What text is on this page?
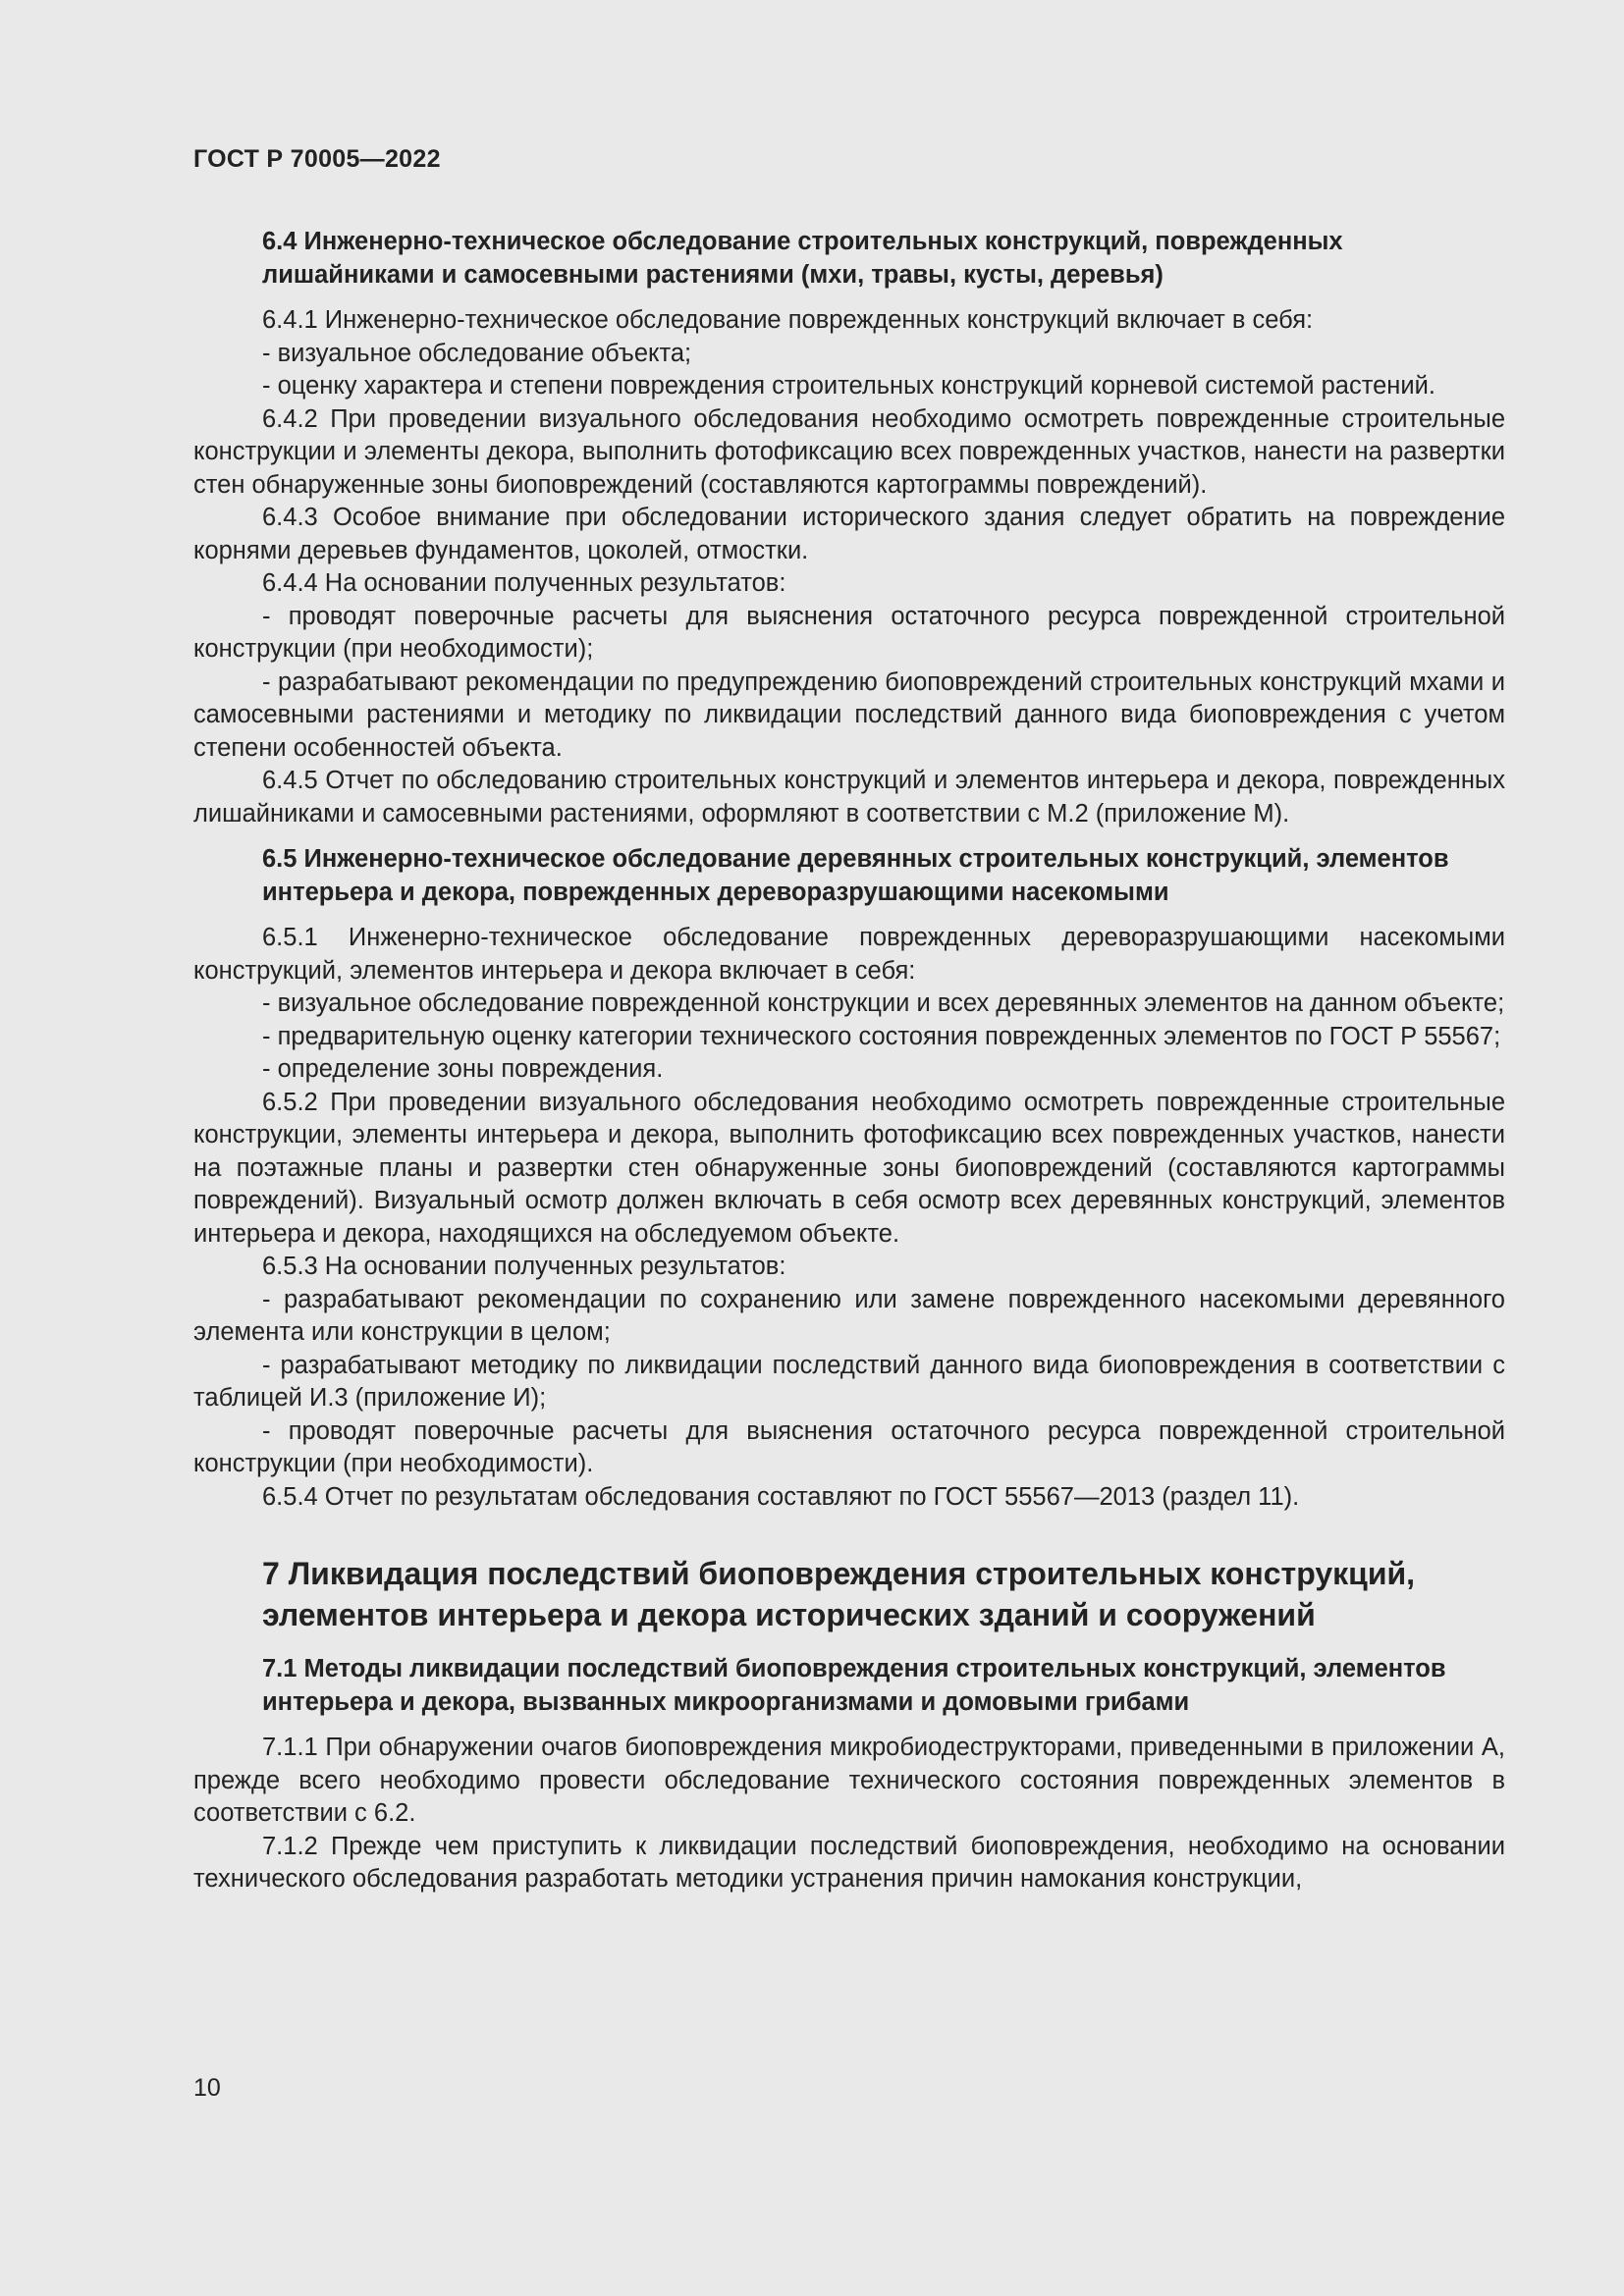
ГОСТ Р 70005—2022
6.4 Инженерно-техническое обследование строительных конструкций, поврежденных лишайниками и самосевными растениями (мхи, травы, кусты, деревья)

6.4.1 Инженерно-техническое обследование поврежденных конструкций включает в себя:

- визуальное обследование объекта;

- оценку характера и степени повреждения строительных конструкций корневой системой растений.

6.4.2 При проведении визуального обследования необходимо осмотреть поврежденные строительные конструкции и элементы декора, выполнить фотофиксацию всех поврежденных участков, нанести на развертки стен обнаруженные зоны биоповреждений (составляются картограммы повреждений).

6.4.3 Особое внимание при обследовании исторического здания следует обратить на повреждение корнями деревьев фундаментов, цоколей, отмостки.

6.4.4 На основании полученных результатов:

- проводят поверочные расчеты для выяснения остаточного ресурса поврежденной строительной конструкции (при необходимости);

- разрабатывают рекомендации по предупреждению биоповреждений строительных конструкций мхами и самосевными растениями и методику по ликвидации последствий данного вида биоповреждения с учетом степени особенностей объекта.

6.4.5 Отчет по обследованию строительных конструкций и элементов интерьера и декора, поврежденных лишайниками и самосевными растениями, оформляют в соответствии с М.2 (приложение М).

6.5 Инженерно-техническое обследование деревянных строительных конструкций, элементов интерьера и декора, поврежденных дереворазрушающими насекомыми

6.5.1 Инженерно-техническое обследование поврежденных дереворазрушающими насекомыми конструкций, элементов интерьера и декора включает в себя:

- визуальное обследование поврежденной конструкции и всех деревянных элементов на данном объекте;

- предварительную оценку категории технического состояния поврежденных элементов по ГОСТ Р 55567;

- определение зоны повреждения.

6.5.2 При проведении визуального обследования необходимо осмотреть поврежденные строительные конструкции, элементы интерьера и декора, выполнить фотофиксацию всех поврежденных участков, нанести на поэтажные планы и развертки стен обнаруженные зоны биоповреждений (составляются картограммы повреждений). Визуальный осмотр должен включать в себя осмотр всех деревянных конструкций, элементов интерьера и декора, находящихся на обследуемом объекте.

6.5.3 На основании полученных результатов:

- разрабатывают рекомендации по сохранению или замене поврежденного насекомыми деревянного элемента или конструкции в целом;

- разрабатывают методику по ликвидации последствий данного вида биоповреждения в соответствии с таблицей И.3 (приложение И);

- проводят поверочные расчеты для выяснения остаточного ресурса поврежденной строительной конструкции (при необходимости).

6.5.4 Отчет по результатам обследования составляют по ГОСТ 55567—2013 (раздел 11).

7 Ликвидация последствий биоповреждения строительных конструкций, элементов интерьера и декора исторических зданий и сооружений
7.1 Методы ликвидации последствий биоповреждения строительных конструкций, элементов интерьера и декора, вызванных микроорганизмами и домовыми грибами

7.1.1 При обнаружении очагов биоповреждения микробиодеструкторами, приведенными в приложении А, прежде всего необходимо провести обследование технического состояния поврежденных элементов в соответствии с 6.2.

7.1.2 Прежде чем приступить к ликвидации последствий биоповреждения, необходимо на основании технического обследования разработать методики устранения причин намокания конструкции,

10
